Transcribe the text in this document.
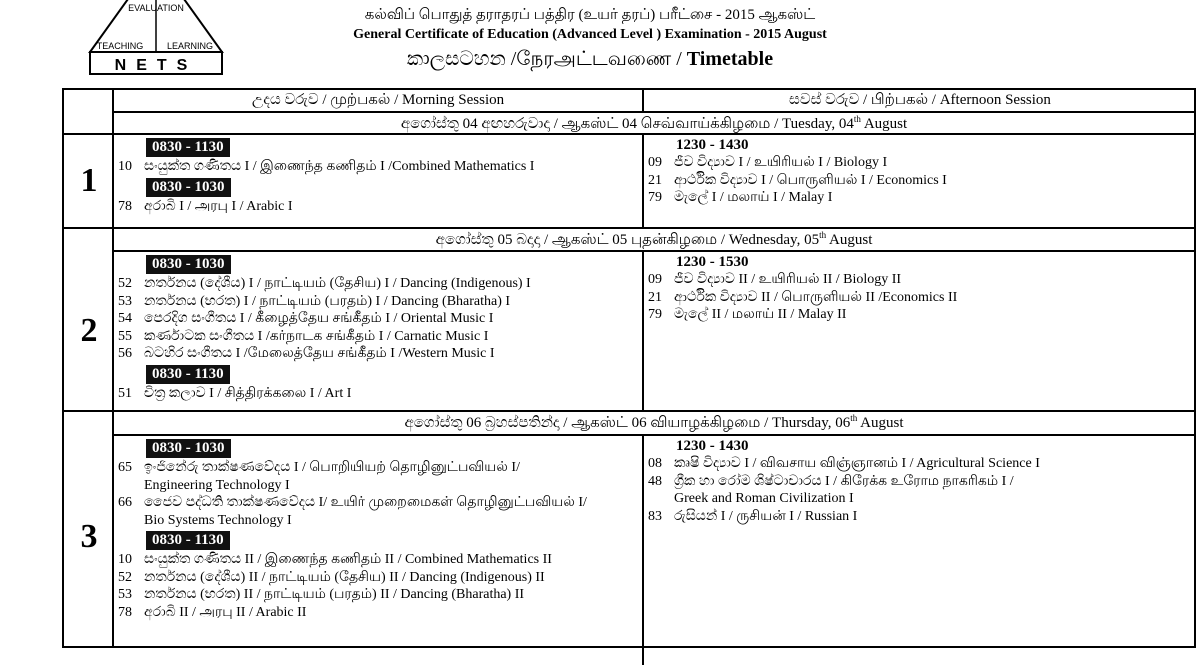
EVALUATION
TEACHING	LEARNING
NETS
கல்விப் பொதுத் தராதரப் பத்திர (உயர் தரப்) பரீட்சை - 2015 ஆகஸ்ட்
General Certificate of Education (Advanced Level ) Examination - 2015 August
කාලසටහන /நேரஅட்டவணை / Timetable
උදය වරුව / முற்பகல் / Morning Session	සවස් වරුව / பிற்பகல் / Afternoon Session
අගෝස්තු 04 අඟහරුවාදා / ஆகஸ்ட் 04 செவ்வாய்க்கிழமை / Tuesday, 04th August
1
0830 - 1130
10 සංයුක්ත ගණිතය I / இணைந்த கணிதம் I /Combined Mathematics I
0830 - 1030
78 අරාබි I / அரபு I / Arabic I
1230 - 1430
09 ජීව විද්‍යාව I / உயிரியல் I / Biology I
21 ආර්ථික විද්‍යාව I / பொருளியல் I / Economics I
79 මැලේ I / மலாய் I / Malay I
අගෝස්තු 05 බදාදා / ஆகஸ்ட் 05 புதன்கிழமை / Wednesday, 05th August
2
0830 - 1030
52 නර්තනය (දේශීය) I / நாட்டியம் (தேசிய) I / Dancing (Indigenous) I
53 නර්තනය (භරත) I / நாட்டியம் (பரதம்) I / Dancing (Bharatha) I
54 පෙරදිග සංගීතය I / கீழைத்தேய சங்கீதம் I / Oriental Music I
55 කර්ණාටක සංගීතය I /கர்நாடக சங்கீதம் I / Carnatic Music I
56 බටහිර සංගීතය I /மேலைத்தேய சங்கீதம் I /Western Music I
0830 - 1130
51 චිත්‍ර කලාව I / சித்திரக்கலை I / Art I
1230 - 1530
09 ජීව විද්‍යාව II / உயிரியல் II / Biology II
21 ආර්ථික විද්‍යාව II / பொருளியல் II /Economics II
79 මැලේ II / மலாய் II / Malay II
අගෝස්තු 06 බ්‍රහස්පතින්දා / ஆகஸ்ட் 06 வியாழக்கிழமை / Thursday, 06th August
3
0830 - 1030
65 ඉංජිනේරු තාක්ෂණවේදය I / பொறியியற் தொழினுட்பவியல் I/
Engineering Technology I
66 ජෛව පද්ධති තාක්ෂණවේදය I/ உயிர் முறைமைகள் தொழினுட்பவியல் I/
Bio Systems Technology I
0830 - 1130
10 සංයුක්ත ගණිතය II / இணைந்த கணிதம் II / Combined Mathematics II
52 නර්තනය (දේශීය) II / நாட்டியம் (தேசிய) II / Dancing (Indigenous) II
53 නර්තනය (භරත) II / நாட்டியம் (பரதம்) II / Dancing (Bharatha) II
78 අරාබි II / அரபு II / Arabic II
1230 - 1430
08 කෘෂි විද්‍යාව I / விவசாய விஞ்ஞானம் I / Agricultural Science I
48 ග්‍රීක හා රෝම ශිෂ්ටාචාරය I / கிரேக்க உரோம நாகரிகம் I /
Greek and Roman Civilization I
83 රුසියන් I / ருசியன் I / Russian I
